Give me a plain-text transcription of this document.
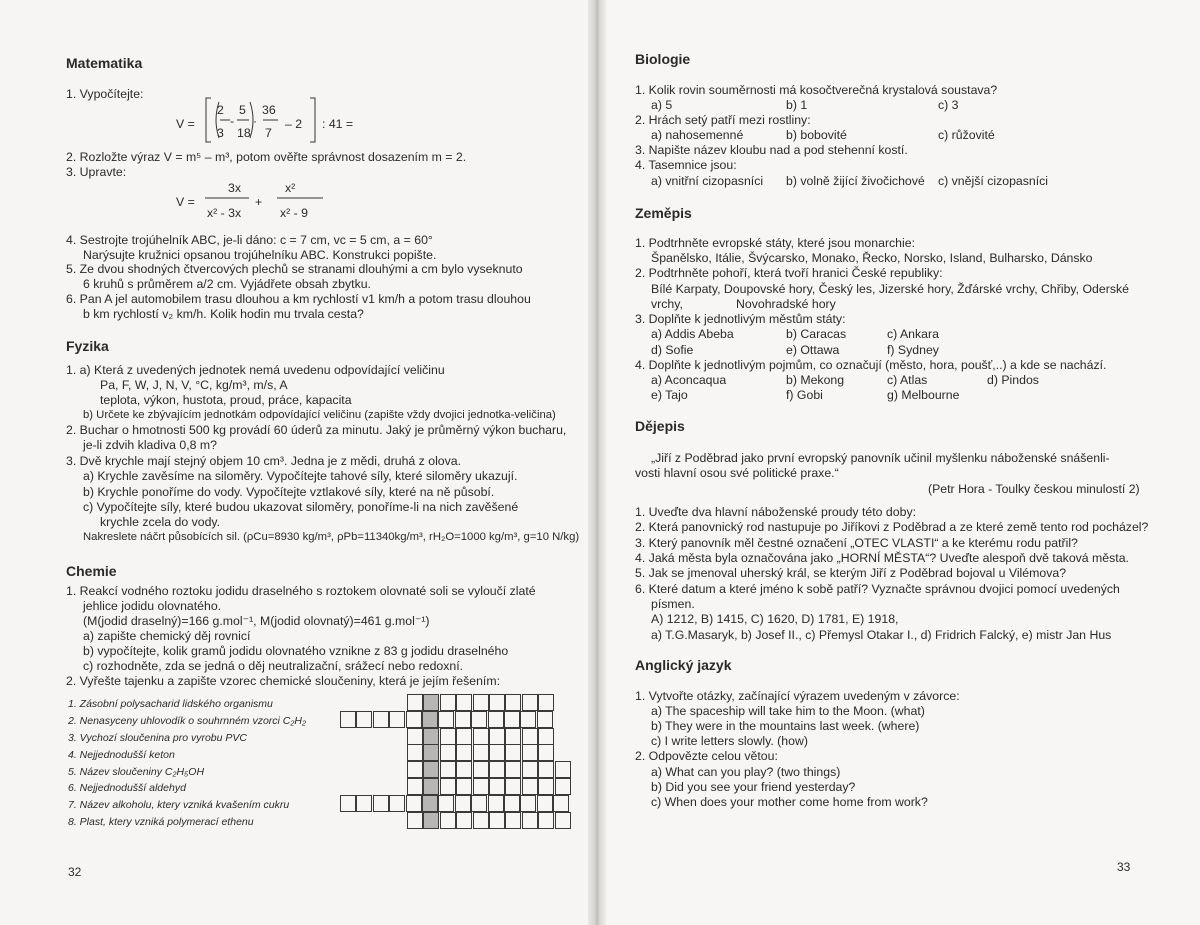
Matematika
1. Vypočítejte:
V =
2
3
-
5
18
·
36
7
– 2 : 41 =
2. Rozložte výraz V = m⁵ – m³, potom ověřte správnost dosazením m = 2.
3. Upravte:
V =
3x
x² - 3x
+
x²
x² - 9
4. Sestrojte trojúhelník ABC, je-li dáno: c = 7 cm, vc = 5 cm, a = 60°
Narýsujte kružnici opsanou trojúhelníku ABC. Konstrukci popište.
5. Ze dvou shodných čtvercových plechů se stranami dlouhými a cm bylo vyseknuto
6 kruhů s průměrem a/2 cm. Vyjádřete obsah zbytku.
6. Pan A jel automobilem trasu dlouhou a km rychlostí v1 km/h a potom trasu dlouhou
b km rychlostí v₂ km/h. Kolik hodin mu trvala cesta?
Fyzika
1. a) Která z uvedených jednotek nemá uvedenu odpovídající veličinu
Pa, F, W, J, N, V, °C, kg/m³, m/s, A
teplota, výkon, hustota, proud, práce, kapacita
b) Určete ke zbývajícím jednotkám odpovídající veličinu (zapište vždy dvojici jednotka-veličina)
2. Buchar o hmotnosti 500 kg provádí 60 úderů za minutu. Jaký je průměrný výkon bucharu,
je-li zdvih kladiva 0,8 m?
3. Dvě krychle mají stejný objem 10 cm³. Jedna je z mědi, druhá z olova.
a) Krychle zavěsíme na siloměry. Vypočítejte tahové síly, které siloměry ukazují.
b) Krychle ponoříme do vody. Vypočítejte vztlakové síly, které na ně působí.
c) Vypočítejte síly, které budou ukazovat siloměry, ponoříme-li na nich zavěšené
krychle zcela do vody.
Nakreslete náčrt působících sil. (ρCu=8930 kg/m³, ρPb=11340kg/m³, rH₂O=1000 kg/m³, g=10 N/kg)
Chemie
1. Reakcí vodného roztoku jodidu draselného s roztokem olovnaté soli se vyloučí zlaté
jehlice jodidu olovnatého.
(M(jodid draselný)=166 g.mol⁻¹, M(jodid olovnatý)=461 g.mol⁻¹)
a) zapište chemický děj rovnicí
b) vypočítejte, kolik gramů jodidu olovnatého vznikne z 83 g jodidu draselného
c) rozhodněte, zda se jedná o děj neutralizační, srážecí nebo redoxní.
2. Vyřešte tajenku a zapište vzorec chemické sloučeniny, která je jejím řešením:
1. Zásobní polysacharid lidského organismu
2. Nenasyceny uhlovodík o souhrnném vzorci C₂H₂
3. Vychozí sloučenina pro vyrobu PVC
4. Nejjednodušší keton
5. Název sloučeniny C₂H₅OH
6. Nejjednodušší aldehyd
7. Název alkoholu, ktery vzniká kvašením cukru
8. Plast, ktery vzniká polymerací ethenu
32
Biologie
1. Kolik rovin souměrnosti má kosočtverečná krystalová soustava?
a) 5	b) 1	c) 3
2. Hrách setý patří mezi rostliny:
a) nahosemenné	b) bobovité	c) růžovité
3. Napište název kloubu nad a pod stehenní kostí.
4. Tasemnice jsou:
a) vnitřní cizopasníci b) volně žijící živočichové c) vnější cizopasníci
Zeměpis
1. Podtrhněte evropské státy, které jsou monarchie:
Španělsko, Itálie, Švýcarsko, Monako, Řecko, Norsko, Island, Bulharsko, Dánsko
2. Podtrhněte pohoří, která tvoří hranici České republiky:
Bílé Karpaty, Doupovské hory, Český les, Jizerské hory, Žďárské vrchy, Chřiby, Oderské
vrchy,	Novohradské hory
3. Doplňte k jednotlivým městům státy:
a) Addis Abeba	b) Caracas	c) Ankara
d) Sofie	e) Ottawa	f) Sydney
4. Doplňte k jednotlivým pojmům, co označují (město, hora, poušť,..) a kde se nachází.
a) Aconcaqua	b) Mekong	c) Atlas	d) Pindos
e) Tajo	f) Gobi	g) Melbourne
Dějepis
„Jiří z Poděbrad jako první evropský panovník učinil myšlenku náboženské snášenli-
vosti hlavní osou své politické praxe.“
(Petr Hora - Toulky českou minulostí 2)
1. Uveďte dva hlavní náboženské proudy této doby:
2. Která panovnický rod nastupuje po Jiříkovi z Poděbrad a ze které země tento rod pocházel?
3. Který panovník měl čestné označení „OTEC VLASTI“ a ke kterému rodu patřil?
4. Jaká města byla označována jako „HORNÍ MĚSTA“? Uveďte alespoň dvě taková města.
5. Jak se jmenoval uherský král, se kterým Jiří z Poděbrad bojoval u Vilémova?
6. Které datum a které jméno k sobě patří? Vyznačte správnou dvojici pomocí uvedených
písmen.
A) 1212, B) 1415, C) 1620, D) 1781, E) 1918,
a) T.G.Masaryk, b) Josef II., c) Přemysl Otakar I., d) Fridrich Falcký, e) mistr Jan Hus
Anglický jazyk
1. Vytvořte otázky, začínající výrazem uvedeným v závorce:
a) The spaceship will take him to the Moon. (what)
b) They were in the mountains last week. (where)
c) I write letters slowly. (how)
2. Odpovězte celou větou:
a) What can you play? (two things)
b) Did you see your friend yesterday?
c) When does your mother come home from work?
33
